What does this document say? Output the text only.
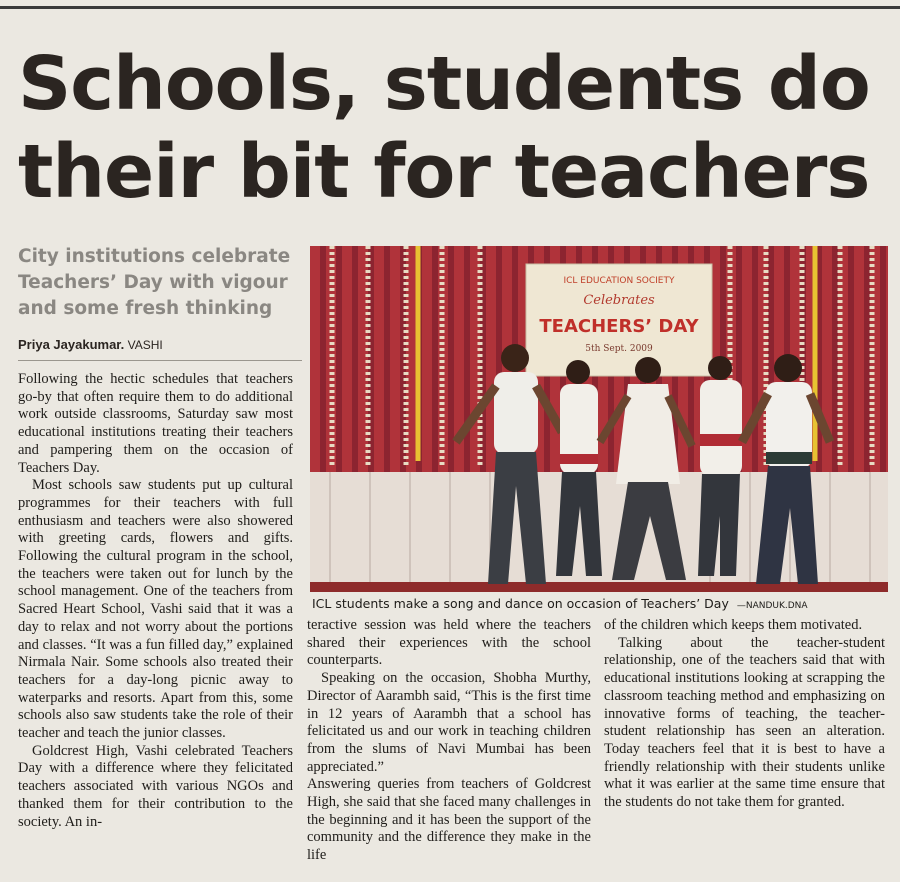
Schools, students do
their bit for teachers
City institutions celebrate Teachers’ Day with vigour and some fresh thinking
Priya Jayakumar. VASHI

Following the hectic schedules that teachers go-by that often require them to do additional work outside classrooms, Saturday saw most educational institutions treating their teachers and pampering them on the occasion of Teachers Day.

Most schools saw students put up cultural programmes for their teachers with full enthusiasm and teachers were also showered with greeting cards, flowers and gifts. Following the cultural program in the school, the teachers were taken out for lunch by the school management. One of the teachers from Sacred Heart School, Vashi said that it was a day to relax and not worry about the portions and classes. “It was a fun filled day,” explained Nirmala Nair. Some schools also treated their teachers for a day-long picnic away to waterparks and resorts. Apart from this, some schools also saw students take the role of their teacher and teach the junior classes.

Goldcrest High, Vashi celebrated Teachers Day with a difference where they felicitated teachers associated with various NGOs and thanked them for their contribution to the society. An in-

ICL EDUCATION SOCIETY
Celebrates
TEACHERS’ DAY
5th Sept. 2009
ICL students make a song and dance on occasion of Teachers’ Day —NANDUK.DNA

teractive session was held where the teachers shared their experiences with the school counterparts.

Speaking on the occasion, Shobha Murthy, Director of Aarambh said, “This is the first time in 12 years of Aarambh that a school has felicitated us and our work in teaching children from the slums of Navi Mumbai has been appreciated.”

Answering queries from teachers of Goldcrest High, she said that she faced many challenges in the beginning and it has been the support of the community and the difference they make in the life

of the children which keeps them motivated.

Talking about the teacher-student relationship, one of the teachers said that with educational institutions looking at scrapping the classroom teaching method and emphasizing on innovative forms of teaching, the teacher-student relationship has seen an alteration. Today teachers feel that it is best to have a friendly relationship with their students unlike what it was earlier at the same time ensure that the students do not take them for granted.
